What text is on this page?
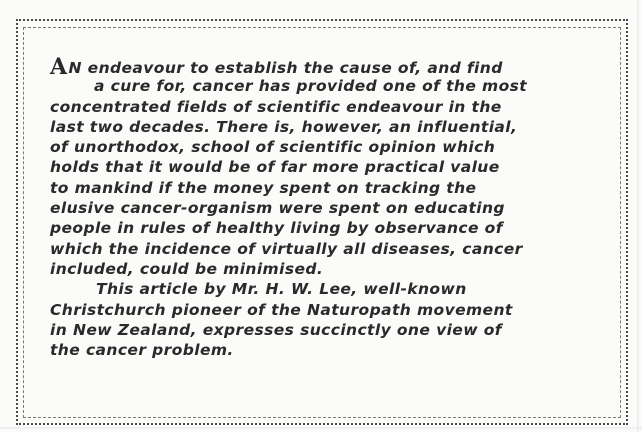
AN endeavour to establish the cause of, and find
a cure for, cancer has provided one of the most
concentrated fields of scientific endeavour in the
last two decades. There is, however, an influential,
of unorthodox, school of scientific opinion which
holds that it would be of far more practical value
to mankind if the money spent on tracking the
elusive cancer-organism were spent on educating
people in rules of healthy living by observance of
which the incidence of virtually all diseases, cancer
included, could be minimised.
This article by Mr. H. W. Lee, well-known
Christchurch pioneer of the Naturopath movement
in New Zealand, expresses succinctly one view of
the cancer problem.
